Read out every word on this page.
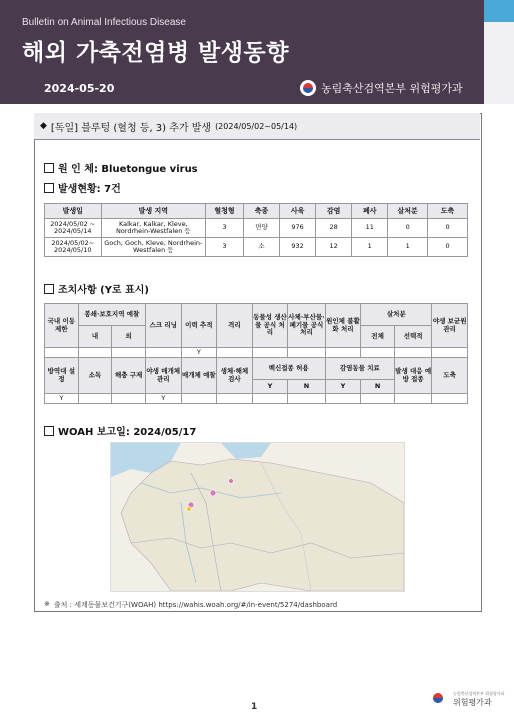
Bulletin on Animal Infectious Disease
해외 가축전염병 발생동향
2024-05-20	농림축산검역본부 위험평가과
◆ [독일] 블루텅 (혈청 등, 3) 추가 발생 (2024/05/02~05/14)
원 인 체: Bluetongue virus
발생현황: 7건
발생일	발생 지역	혈청형	축종	사육	감염	폐사	살처분	도축
2024/05/02 ~ 2024/05/14	Kalkar, Kalkar, Kleve, Nordrhein-Westfalen 등	3	면양	976	28	11	0	0
2024/05/02~ 2024/05/10	Goch, Goch, Kleve, Nordrhein-Westfalen 등	3	소	932	12	1	1	0
조치사항 (Y로 표시)
국내 이동 제한	봉쇄·보호지역 예찰		스크 리닝	이력 추적	격리	동물성 생산물 공식 처리	사체·부산물·폐기물 공식 처리	원인체 불활화 처리	살처분		야생 보균원 관리
	내	외							전체	선택적	
				Y							
방역대 설정	소독	해충 구제	야생 매개체 관리	매개체 예찰	생체·해체 검사	백신접종 허용		감염동물 치료		발생 대응 예방 접종	도축
						Y	N	Y	N		
Y			Y								
WOAH 보고일: 2024/05/17
※ 출처 : 세계동물보건기구(WOAH) https://wahis.woah.org/#/in-event/5274/dashboard
1
농림축산검역본부 위험평가과
위험평가과
